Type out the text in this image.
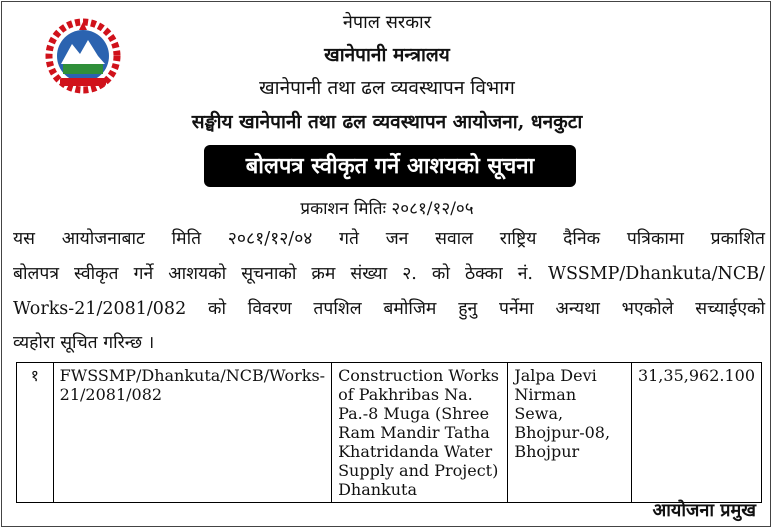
नेपाल सरकार
खानेपानी मन्त्रालय
खानेपानी तथा ढल व्यवस्थापन विभाग
सङ्घीय खानेपानी तथा ढल व्यवस्थापन आयोजना, धनकुटा
बोलपत्र स्वीकृत गर्ने आशयको सूचना
प्रकाशन मितिः २०८१/१२/०५
यस आयोजनाबाट मिति २०८१/१२/०४ गते जन सवाल राष्ट्रिय दैनिक पत्रिकामा प्रकाशित
बोलपत्र स्वीकृत गर्ने आशयको सूचनाको क्रम संख्या २. को ठेक्का नं. WSSMP/Dhankuta/NCB/
Works-21/2081/082 को विवरण तपशिल बमोजिम हुनु पर्नेमा अन्यथा भएकोले सच्याईएको
व्यहोरा सूचित गरिन्छ ।
१	FWSSMP/Dhankuta/NCB/Works-21/2081/082	Construction Works of Pakhribas Na. Pa.-8 Muga (Shree Ram Mandir Tatha Khatridanda Water Supply and Project) Dhankuta	Jalpa Devi Nirman Sewa, Bhojpur-08, Bhojpur	31,35,962.100
आयोजना प्रमुख
